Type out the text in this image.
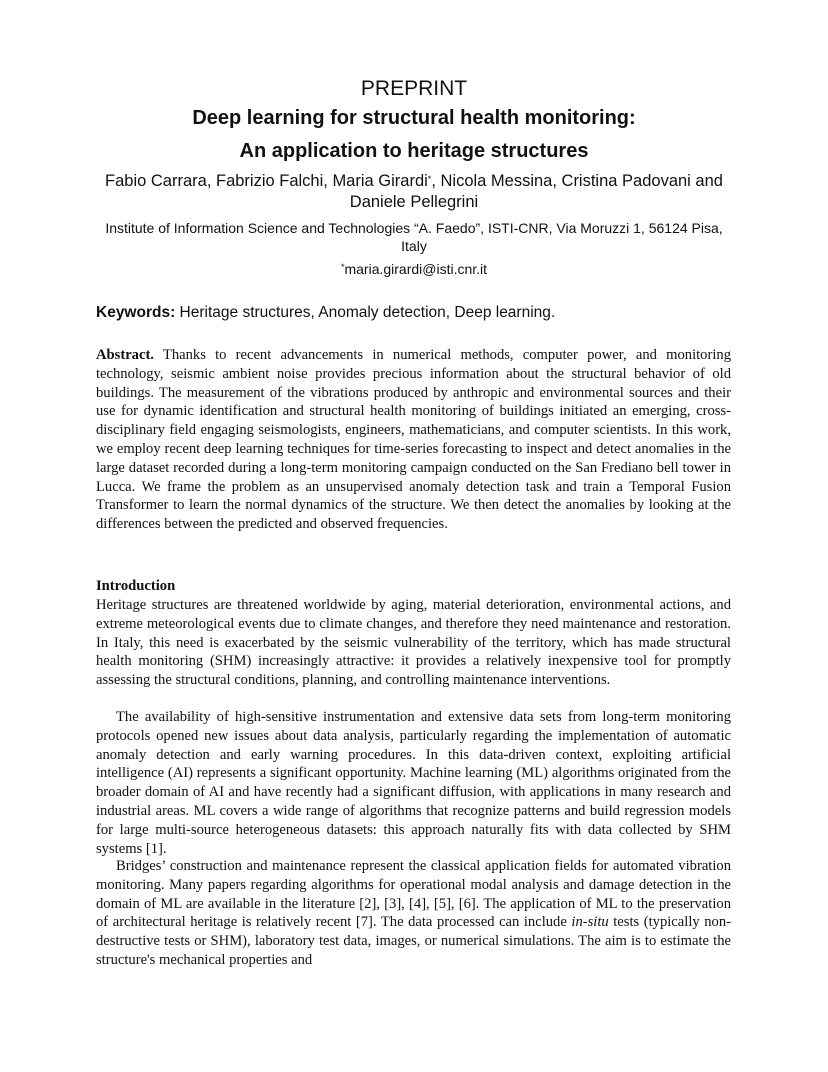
PREPRINT
Deep learning for structural health monitoring:
An application to heritage structures
Fabio Carrara, Fabrizio Falchi, Maria Girardi*, Nicola Messina, Cristina Padovani and Daniele Pellegrini
Institute of Information Science and Technologies “A. Faedo”, ISTI-CNR, Via Moruzzi 1, 56124 Pisa, Italy
*maria.girardi@isti.cnr.it
Keywords: Heritage structures, Anomaly detection, Deep learning.
Abstract. Thanks to recent advancements in numerical methods, computer power, and monitoring technology, seismic ambient noise provides precious information about the structural behavior of old buildings. The measurement of the vibrations produced by anthropic and environmental sources and their use for dynamic identification and structural health monitoring of buildings initiated an emerging, cross-disciplinary field engaging seismologists, engineers, mathematicians, and computer scientists. In this work, we employ recent deep learning techniques for time-series forecasting to inspect and detect anomalies in the large dataset recorded during a long-term monitoring campaign conducted on the San Frediano bell tower in Lucca. We frame the problem as an unsupervised anomaly detection task and train a Temporal Fusion Transformer to learn the normal dynamics of the structure. We then detect the anomalies by looking at the differences between the predicted and observed frequencies.
Introduction

Heritage structures are threatened worldwide by aging, material deterioration, environmental actions, and extreme meteorological events due to climate changes, and therefore they need maintenance and restoration. In Italy, this need is exacerbated by the seismic vulnerability of the territory, which has made structural health monitoring (SHM) increasingly attractive: it provides a relatively inexpensive tool for promptly assessing the structural conditions, planning, and controlling maintenance interventions.

The availability of high-sensitive instrumentation and extensive data sets from long-term monitoring protocols opened new issues about data analysis, particularly regarding the implementation of automatic anomaly detection and early warning procedures. In this data-driven context, exploiting artificial intelligence (AI) represents a significant opportunity. Machine learning (ML) algorithms originated from the broader domain of AI and have recently had a significant diffusion, with applications in many research and industrial areas. ML covers a wide range of algorithms that recognize patterns and build regression models for large multi-source heterogeneous datasets: this approach naturally fits with data collected by SHM systems [1].

Bridges’ construction and maintenance represent the classical application fields for automated vibration monitoring. Many papers regarding algorithms for operational modal analysis and damage detection in the domain of ML are available in the literature [2], [3], [4], [5], [6]. The application of ML to the preservation of architectural heritage is relatively recent [7]. The data processed can include in-situ tests (typically non-destructive tests or SHM), laboratory test data, images, or numerical simulations. The aim is to estimate the structure's mechanical properties and
